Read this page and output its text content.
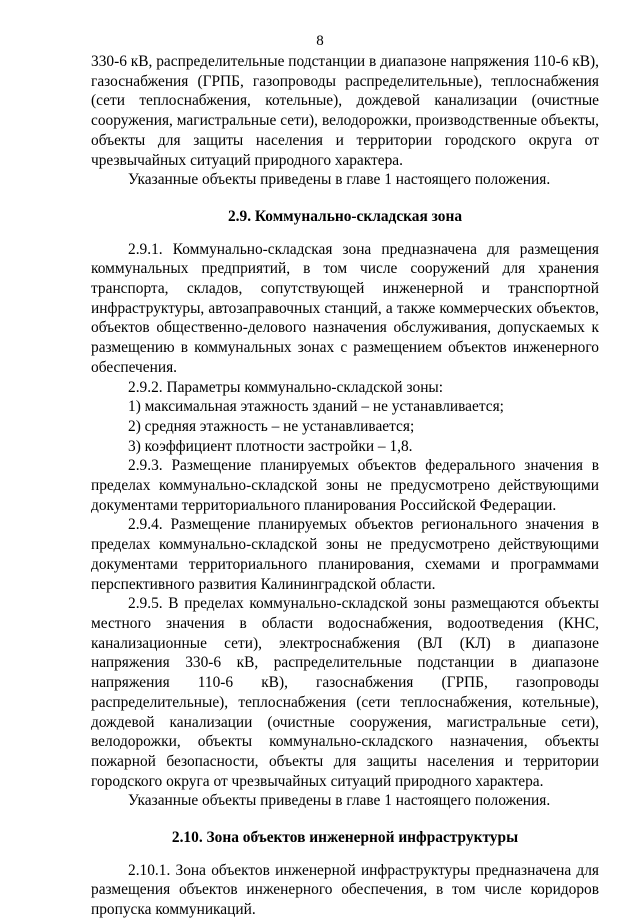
8

330-6 кВ, распределительные подстанции в диапазоне напряжения 110-6 кВ), газоснабжения (ГРПБ, газопроводы распределительные), теплоснабжения (сети теплоснабжения, котельные), дождевой канализации (очистные сооружения, магистральные сети), велодорожки, производственные объекты, объекты для защиты населения и территории городского округа от чрезвычайных ситуаций природного характера.

Указанные объекты приведены в главе 1 настоящего положения.

2.9. Коммунально-складская зона

2.9.1. Коммунально-складская зона предназначена для размещения коммунальных предприятий, в том числе сооружений для хранения транспорта, складов, сопутствующей инженерной и транспортной инфраструктуры, автозаправочных станций, а также коммерческих объектов, объектов общественно-делового назначения обслуживания, допускаемых к размещению в коммунальных зонах с размещением объектов инженерного обеспечения.

2.9.2. Параметры коммунально-складской зоны:

1) максимальная этажность зданий – не устанавливается;

2) средняя этажность – не устанавливается;

3) коэффициент плотности застройки – 1,8.

2.9.3. Размещение планируемых объектов федерального значения в пределах коммунально-складской зоны не предусмотрено действующими документами территориального планирования Российской Федерации.

2.9.4. Размещение планируемых объектов регионального значения в пределах коммунально-складской зоны не предусмотрено действующими документами территориального планирования, схемами и программами перспективного развития Калининградской области.

2.9.5. В пределах коммунально-складской зоны размещаются объекты местного значения в области водоснабжения, водоотведения (КНС, канализационные сети), электроснабжения (ВЛ (КЛ) в диапазоне напряжения 330-6 кВ, распределительные подстанции в диапазоне напряжения 110-6 кВ), газоснабжения (ГРПБ, газопроводы распределительные), теплоснабжения (сети теплоснабжения, котельные), дождевой канализации (очистные сооружения, магистральные сети), велодорожки, объекты коммунально-складского назначения, объекты пожарной безопасности, объекты для защиты населения и территории городского округа от чрезвычайных ситуаций природного характера.

Указанные объекты приведены в главе 1 настоящего положения.

2.10. Зона объектов инженерной инфраструктуры

2.10.1. Зона объектов инженерной инфраструктуры предназначена для размещения объектов инженерного обеспечения, в том числе коридоров пропуска коммуникаций.
